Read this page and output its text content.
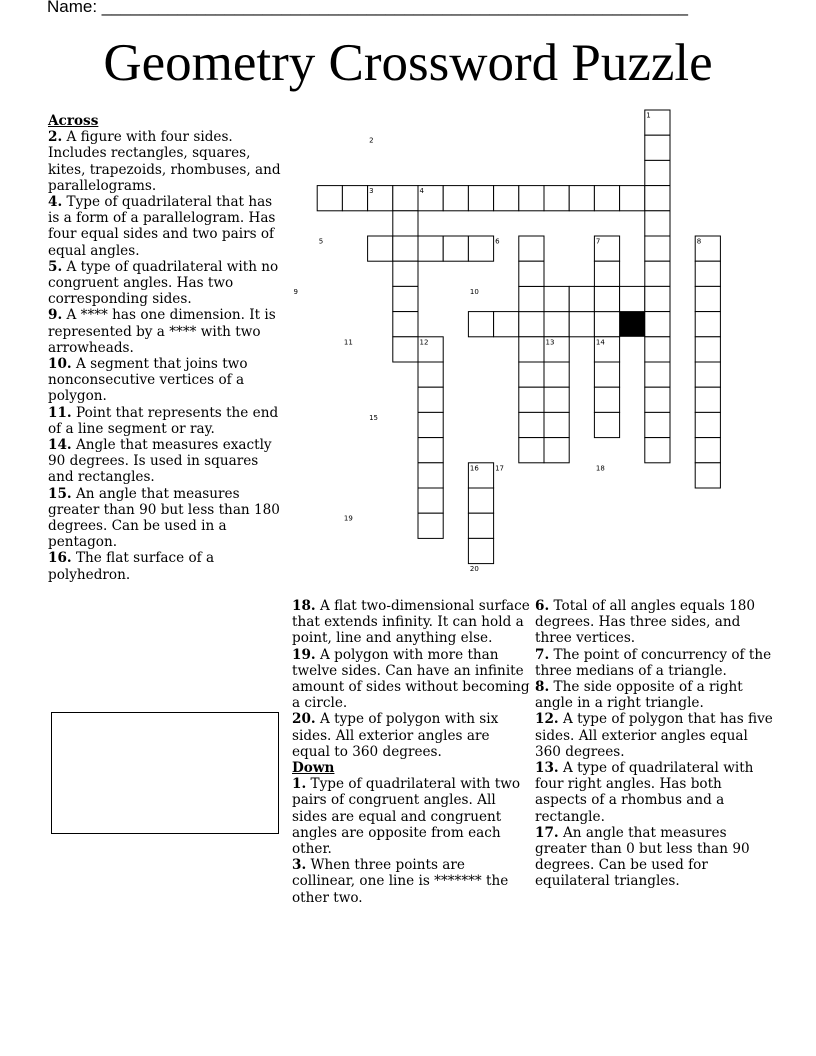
Name: ______________________________________________________________
Geometry Crossword Puzzle
1
2
3	4
5	6	7	8
9	10
11	12	13	14
15
16 17	18
19
20

Across

2. A figure with four sides. Includes rectangles, squares, kites, trapezoids, rhombuses, and parallelograms.

4. Type of quadrilateral that has is a form of a parallelogram. Has four equal sides and two pairs of equal angles.

5. A type of quadrilateral with no congruent angles. Has two corresponding sides.

9. A **** has one dimension. It is represented by a **** with two arrowheads.

10. A segment that joins two nonconsecutive vertices of a polygon.

11. Point that represents the end of a line segment or ray.

14. Angle that measures exactly 90 degrees. Is used in squares and rectangles.

15. An angle that measures greater than 90 but less than 180 degrees. Can be used in a pentagon.

16. The flat surface of a polyhedron.

18. A flat two-dimensional surface that extends infinity. It can hold a point, line and anything else.

19. A polygon with more than twelve sides. Can have an infinite amount of sides without becoming a circle.

20. A type of polygon with six sides. All exterior angles are equal to 360 degrees.

Down

1. Type of quadrilateral with two pairs of congruent angles. All sides are equal and congruent angles are opposite from each other.

3. When three points are collinear, one line is ******* the other two.

6. Total of all angles equals 180 degrees. Has three sides, and three vertices.

7. The point of concurrency of the three medians of a triangle.

8. The side opposite of a right angle in a right triangle.

12. A type of polygon that has five sides. All exterior angles equal 360 degrees.

13. A type of quadrilateral with four right angles. Has both aspects of a rhombus and a rectangle.

17. An angle that measures greater than 0 but less than 90 degrees. Can be used for equilateral triangles.
